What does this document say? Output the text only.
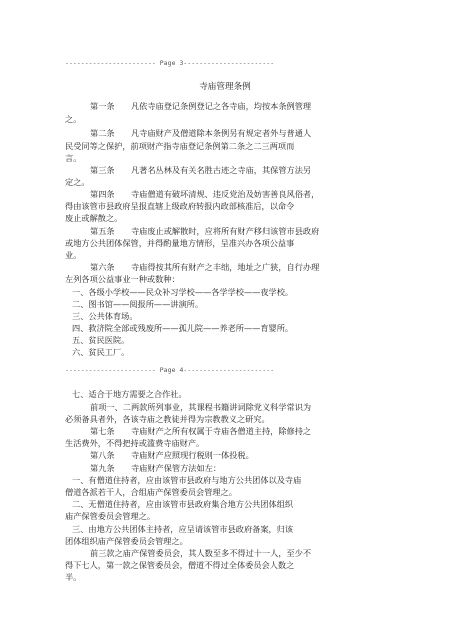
----------------------- Page 3-----------------------
寺庙管理条例
第一条　　凡依寺庙登记条例登记之各寺庙，均按本条例管理
之。
第二条　　凡寺庙财产及僧道除本条例另有规定者外与普通人
民受同等之保护，前项财产指寺庙登记条例第二条之二三两项而
言。
第三条　　凡著名丛林及有关名胜古迹之寺庙，其保管方法另
定之。
第四条　　寺庙僧道有破坏清规、违反党治及妨害善良风俗者，
得由该管市县政府呈报直辖上级政府转报内政部核准后，以命令
废止或解散之。
第五条　　寺庙废止或解散时，应将所有财产移归该管市县政府
或地方公共团体保管，并得酌量地方情形，呈准兴办各项公益事
业。
第六条　　寺庙得按其所有财产之丰绌，地址之广狭，自行办理
左列各项公益事业一种或数种：
一、各级小学校——民众补习学校——各学学校——夜学校。
二、图书馆——阅报所——讲演所。
三、公共体育场。
四、救济院全部或残废所——孤儿院——养老所——育婴所。
五、贫民医院。
六、贫民工厂。
----------------------- Page 4-----------------------
七、适合于地方需要之合作社。
前项一、二两款所列事业，其课程书籍讲词除党义科学常识为
必须备具者外，各该寺庙之教徒并得为宗教教义之研究。
第七条　　寺庙财产之所有权属于寺庙各僧道主持，除修持之
生活费外，不得把持或滥费寺庙财产。
第八条　　寺庙财产应照现行税则一体投税。
第九条　　寺庙财产保管方法如左：
一、有僧道住持者，应由该管市县政府与地方公共团体以及寺庙
僧道各派若干人，合组庙产保管委员会管理之。
二、无僧道住持者，应由该管市县政府集合地方公共团体组织
庙产保管委员会管理之。
三、由地方公共团体主持者，应呈请该管市县政府备案，归该
团体组织庙产保管委员会管理之。
前三款之庙产保管委员会，其人数至多不得过十一人，至少不
得下七人，第一款之保管委员会，僧道不得过全体委员会人数之
半。
